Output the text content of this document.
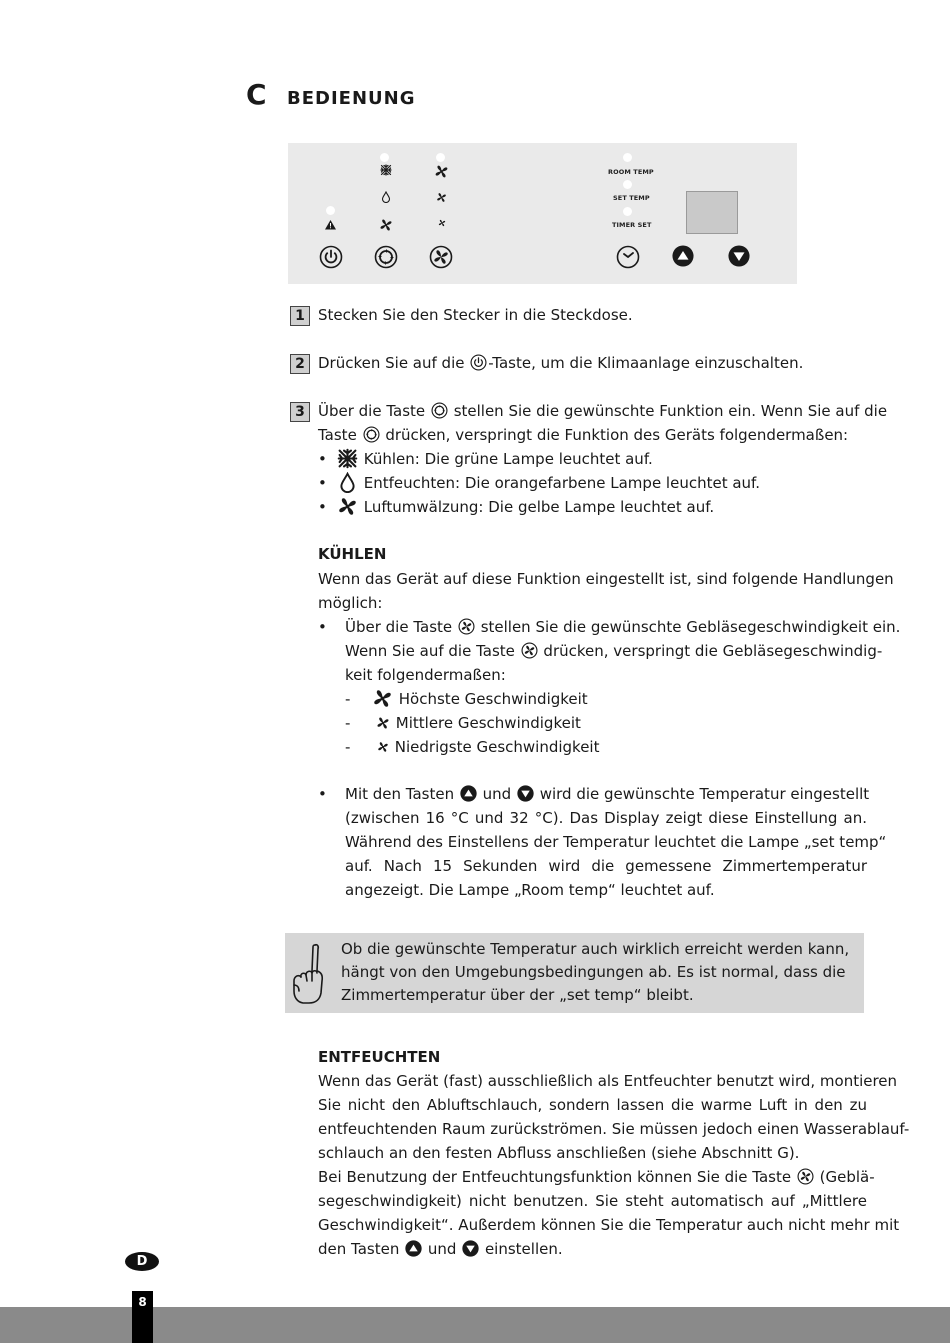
C BEDIENUNG
ROOM TEMP
SET TEMP
TIMER SET
1 Stecken Sie den Stecker in die Steckdose.
2 Drücken Sie auf die
-Taste, um die Klimaanlage einzuschalten.
3 Über die Taste
stellen Sie die gewünschte Funktion ein. Wenn Sie auf die
Taste
drücken, verspringt die Funktion des Geräts folgendermaßen:
• Kühlen: Die grüne Lampe leuchtet auf.
• Entfeuchten: Die orangefarbene Lampe leuchtet auf.
• Luftumwälzung: Die gelbe Lampe leuchtet auf.
KÜHLEN
Wenn das Gerät auf diese Funktion eingestellt ist, sind folgende Handlungen
möglich:
• Über die Taste
stellen Sie die gewünschte Gebläsegeschwindigkeit ein.
Wenn Sie auf die Taste
drücken, verspringt die Gebläsegeschwindig-
keit folgendermaßen:
-	Höchste Geschwindigkeit
-	Mittlere Geschwindigkeit
-	Niedrigste Geschwindigkeit
• Mit den Tasten
und
wird die gewünschte Temperatur eingestellt
(zwischen 16 °C und 32 °C). Das Display zeigt diese Einstellung an.
Während des Einstellens der Temperatur leuchtet die Lampe „set temp“
auf. Nach 15 Sekunden wird die gemessene Zimmertemperatur
angezeigt. Die Lampe „Room temp“ leuchtet auf.
Ob die gewünschte Temperatur auch wirklich erreicht werden kann,
hängt von den Umgebungsbedingungen ab. Es ist normal, dass die
Zimmertemperatur über der „set temp“ bleibt.
ENTFEUCHTEN
Wenn das Gerät (fast) ausschließlich als Entfeuchter benutzt wird, montieren
Sie nicht den Abluftschlauch, sondern lassen die warme Luft in den zu
entfeuchtenden Raum zurückströmen. Sie müssen jedoch einen Wasserablauf-
schlauch an den festen Abfluss anschließen (siehe Abschnitt G).
Bei Benutzung der Entfeuchtungsfunktion können Sie die Taste
(Geblä-
segeschwindigkeit) nicht benutzen. Sie steht automatisch auf „Mittlere
Geschwindigkeit“. Außerdem können Sie die Temperatur auch nicht mehr mit
den Tasten
und
einstellen.
D
8
